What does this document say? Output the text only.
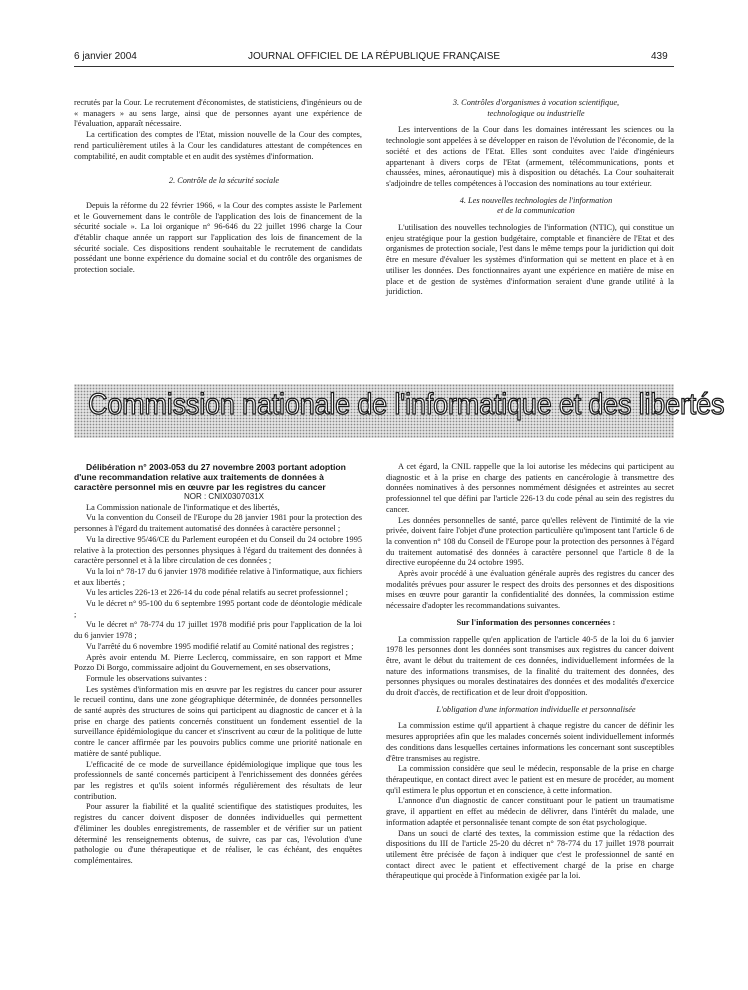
6 janvier 2004	JOURNAL OFFICIEL DE LA RÉPUBLIQUE FRANÇAISE	439

recrutés par la Cour. Le recrutement d'économistes, de statisticiens, d'ingénieurs ou de « managers » au sens large, ainsi que de personnes ayant une expérience de l'évaluation, apparaît nécessaire.

La certification des comptes de l'Etat, mission nouvelle de la Cour des comptes, rend particulièrement utiles à la Cour les candidatures attestant de compétences en comptabilité, en audit comptable et en audit des systèmes d'information.

2. Contrôle de la sécurité sociale

Depuis la réforme du 22 février 1966, « la Cour des comptes assiste le Parlement et le Gouvernement dans le contrôle de l'application des lois de financement de la sécurité sociale ». La loi organique n° 96-646 du 22 juillet 1996 charge la Cour d'établir chaque année un rapport sur l'application des lois de financement de la sécurité sociale. Ces dispositions rendent souhaitable le recrutement de candidats possédant une bonne expérience du domaine social et du contrôle des organismes de protection sociale.

3. Contrôles d'organismes à vocation scientifique,

technologique ou industrielle

Les interventions de la Cour dans les domaines intéressant les sciences ou la technologie sont appelées à se développer en raison de l'évolution de l'économie, de la société et des actions de l'Etat. Elles sont conduites avec l'aide d'ingénieurs appartenant à divers corps de l'Etat (armement, télécommunications, ponts et chaussées, mines, aéronautique) mis à disposition ou détachés. La Cour souhaiterait s'adjoindre de telles compétences à l'occasion des nominations au tour extérieur.

4. Les nouvelles technologies de l'information

et de la communication

L'utilisation des nouvelles technologies de l'information (NTIC), qui constitue un enjeu stratégique pour la gestion budgétaire, comptable et financière de l'Etat et des organismes de protection sociale, l'est dans le même temps pour la juridiction qui doit être en mesure d'évaluer les systèmes d'information qui se mettent en place et à en utiliser les données. Des fonctionnaires ayant une expérience en matière de mise en place et de gestion de systèmes d'information seraient d'une grande utilité à la juridiction.

Commission nationale de l'informatique et des libertés

Délibération n° 2003-053 du 27 novembre 2003 portant adoption d'une recommandation relative aux traitements de données à caractère personnel mis en œuvre par les registres du cancer

NOR : CNIX0307031X

La Commission nationale de l'informatique et des libertés,

Vu la convention du Conseil de l'Europe du 28 janvier 1981 pour la protection des personnes à l'égard du traitement automatisé des données à caractère personnel ;

Vu la directive 95/46/CE du Parlement européen et du Conseil du 24 octobre 1995 relative à la protection des personnes physiques à l'égard du traitement des données à caractère personnel et à la libre circulation de ces données ;

Vu la loi n° 78-17 du 6 janvier 1978 modifiée relative à l'informatique, aux fichiers et aux libertés ;

Vu les articles 226-13 et 226-14 du code pénal relatifs au secret professionnel ;

Vu le décret n° 95-100 du 6 septembre 1995 portant code de déontologie médicale ;

Vu le décret n° 78-774 du 17 juillet 1978 modifié pris pour l'application de la loi du 6 janvier 1978 ;

Vu l'arrêté du 6 novembre 1995 modifié relatif au Comité national des registres ;

Après avoir entendu M. Pierre Leclercq, commissaire, en son rapport et Mme Pozzo Di Borgo, commissaire adjoint du Gouvernement, en ses observations,

Formule les observations suivantes :

Les systèmes d'information mis en œuvre par les registres du cancer pour assurer le recueil continu, dans une zone géographique déterminée, de données personnelles de santé auprès des structures de soins qui participent au diagnostic de cancer et à la prise en charge des patients concernés constituent un fondement essentiel de la surveillance épidémiologique du cancer et s'inscrivent au cœur de la politique de lutte contre le cancer affirmée par les pouvoirs publics comme une priorité nationale en matière de santé publique.

L'efficacité de ce mode de surveillance épidémiologique implique que tous les professionnels de santé concernés participent à l'enrichissement des données gérées par les registres et qu'ils soient informés régulièrement des résultats de leur contribution.

Pour assurer la fiabilité et la qualité scientifique des statistiques produites, les registres du cancer doivent disposer de données individuelles qui permettent d'éliminer les doubles enregistrements, de rassembler et de vérifier sur un patient déterminé les renseignements obtenus, de suivre, cas par cas, l'évolution d'une pathologie ou d'une thérapeutique et de réaliser, le cas échéant, des enquêtes complémentaires.

A cet égard, la CNIL rappelle que la loi autorise les médecins qui participent au diagnostic et à la prise en charge des patients en cancérologie à transmettre des données nominatives à des personnes nommément désignées et astreintes au secret professionnel tel que défini par l'article 226-13 du code pénal au sein des registres du cancer.

Les données personnelles de santé, parce qu'elles relèvent de l'intimité de la vie privée, doivent faire l'objet d'une protection particulière qu'imposent tant l'article 6 de la convention n° 108 du Conseil de l'Europe pour la protection des personnes à l'égard du traitement automatisé des données à caractère personnel que l'article 8 de la directive européenne du 24 octobre 1995.

Après avoir procédé à une évaluation générale auprès des registres du cancer des modalités prévues pour assurer le respect des droits des personnes et des dispositions mises en œuvre pour garantir la confidentialité des données, la commission estime nécessaire d'adopter les recommandations suivantes.

Sur l'information des personnes concernées :

La commission rappelle qu'en application de l'article 40-5 de la loi du 6 janvier 1978 les personnes dont les données sont transmises aux registres du cancer doivent être, avant le début du traitement de ces données, individuellement informées de la nature des informations transmises, de la finalité du traitement des données, des personnes physiques ou morales destinataires des données et des modalités d'exercice du droit d'accès, de rectification et de leur droit d'opposition.

L'obligation d'une information individuelle et personnalisée

La commission estime qu'il appartient à chaque registre du cancer de définir les mesures appropriées afin que les malades concernés soient individuellement informés des conditions dans lesquelles certaines informations les concernant sont susceptibles d'être transmises au registre.

La commission considère que seul le médecin, responsable de la prise en charge thérapeutique, en contact direct avec le patient est en mesure de procéder, au moment qu'il estimera le plus opportun et en conscience, à cette information.

L'annonce d'un diagnostic de cancer constituant pour le patient un traumatisme grave, il appartient en effet au médecin de délivrer, dans l'intérêt du malade, une information adaptée et personnalisée tenant compte de son état psychologique.

Dans un souci de clarté des textes, la commission estime que la rédaction des dispositions du III de l'article 25-20 du décret n° 78-774 du 17 juillet 1978 pourrait utilement être précisée de façon à indiquer que c'est le professionnel de santé en contact direct avec le patient et effectivement chargé de la prise en charge thérapeutique qui procède à l'information exigée par la loi.
